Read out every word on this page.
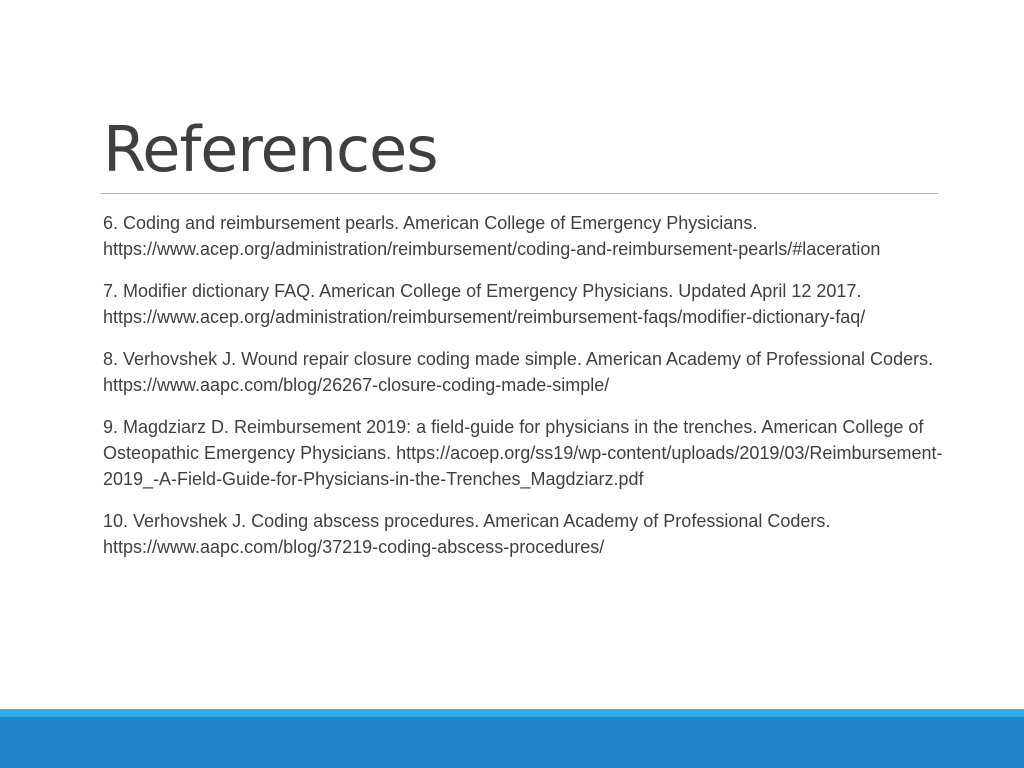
References
6. Coding and reimbursement pearls. American College of Emergency Physicians. https://www.acep.org/administration/reimbursement/coding-and-reimbursement-pearls/#laceration
7. Modifier dictionary FAQ. American College of Emergency Physicians. Updated April 12 2017. https://www.acep.org/administration/reimbursement/reimbursement-faqs/modifier-dictionary-faq/
8. Verhovshek J. Wound repair closure coding made simple. American Academy of Professional Coders. https://www.aapc.com/blog/26267-closure-coding-made-simple/
9. Magdziarz D. Reimbursement 2019: a field-guide for physicians in the trenches. American College of Osteopathic Emergency Physicians. https://acoep.org/ss19/wp-content/uploads/2019/03/Reimbursement-2019_-A-Field-Guide-for-Physicians-in-the-Trenches_Magdziarz.pdf
10. Verhovshek J. Coding abscess procedures. American Academy of Professional Coders. https://www.aapc.com/blog/37219-coding-abscess-procedures/
